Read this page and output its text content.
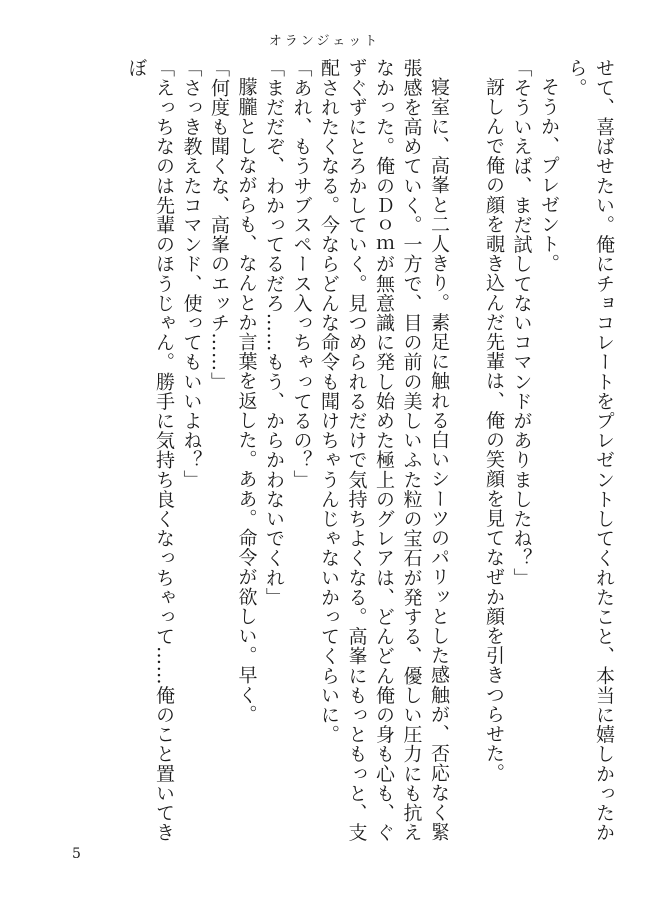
オランジェット

せて、喜ばせたい。俺にチョコレートをプレゼントしてくれたこと、本当に嬉しかったから。

そうか、プレゼント。

「そういえば、まだ試してないコマンドがありましたね？」

訝しんで俺の顔を覗き込んだ先輩は、俺の笑顔を見てなぜか顔を引きつらせた。

寝室に、高峯と二人きり。素足に触れる白いシーツのパリッとした感触が、否応なく緊張感を高めていく。一方で、目の前の美しいふた粒の宝石が発する、優しい圧力にも抗えなかった。俺のＤｏｍが無意識に発し始めた極上のグレアは、どんどん俺の身も心も、ぐずぐずにとろかしていく。見つめられるだけで気持ちよくなる。高峯にもっともっと、支配されたくなる。今ならどんな命令も聞けちゃうんじゃないかってくらいに。

「あれ、もうサブスペース入っちゃってるの？」

「まだだぞ、わかってるだろ……もう、からかわないでくれ」

朦朧としながらも、なんとか言葉を返した。ああ。命令が欲しい。早く。

「何度も聞くな、高峯のエッチ……」

「さっき教えたコマンド、使ってもいいよね？」

「えっちなのは先輩のほうじゃん。勝手に気持ち良くなっちゃって……俺のこと置いてきぼ

5
